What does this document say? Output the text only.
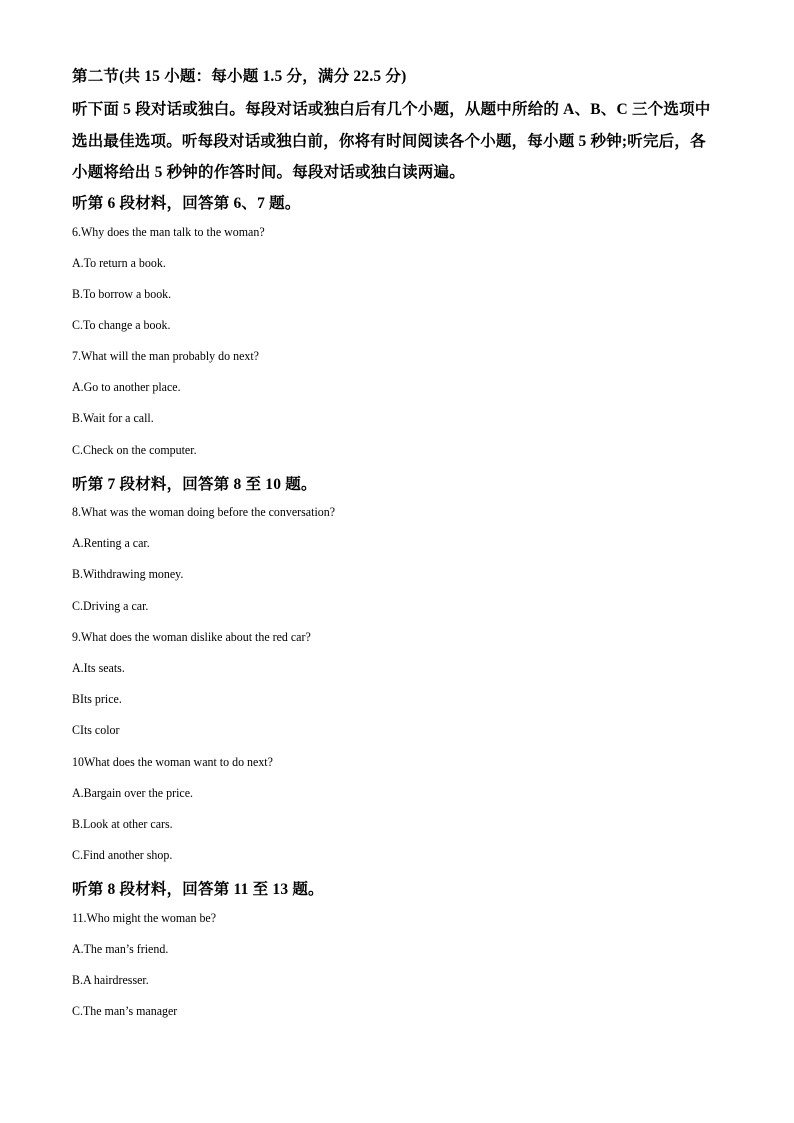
第二节(共 15 小题：每小题 1.5 分，满分 22.5 分)
听下面 5 段对话或独白。每段对话或独白后有几个小题，从题中所给的 A、B、C 三个选项中
选出最佳选项。听每段对话或独白前，你将有时间阅读各个小题，每小题 5 秒钟;听完后，各
小题将给出 5 秒钟的作答时间。每段对话或独白读两遍。
听第 6 段材料，回答第 6、7 题。
6.Why does the man talk to the woman?
A.To return a book.
B.To borrow a book.
C.To change a book.
7.What will the man probably do next?
A.Go to another place.
B.Wait for a call.
C.Check on the computer.
听第 7 段材料，回答第 8 至 10 题。
8.What was the woman doing before the conversation?
A.Renting a car.
B.Withdrawing money.
C.Driving a car.
9.What does the woman dislike about the red car?
A.Its seats.
BIts price.
CIts color
10What does the woman want to do next?
A.Bargain over the price.
B.Look at other cars.
C.Find another shop.
听第 8 段材料，回答第 11 至 13 题。
11.Who might the woman be?
A.The man’s friend.
B.A hairdresser.
C.The man’s manager
